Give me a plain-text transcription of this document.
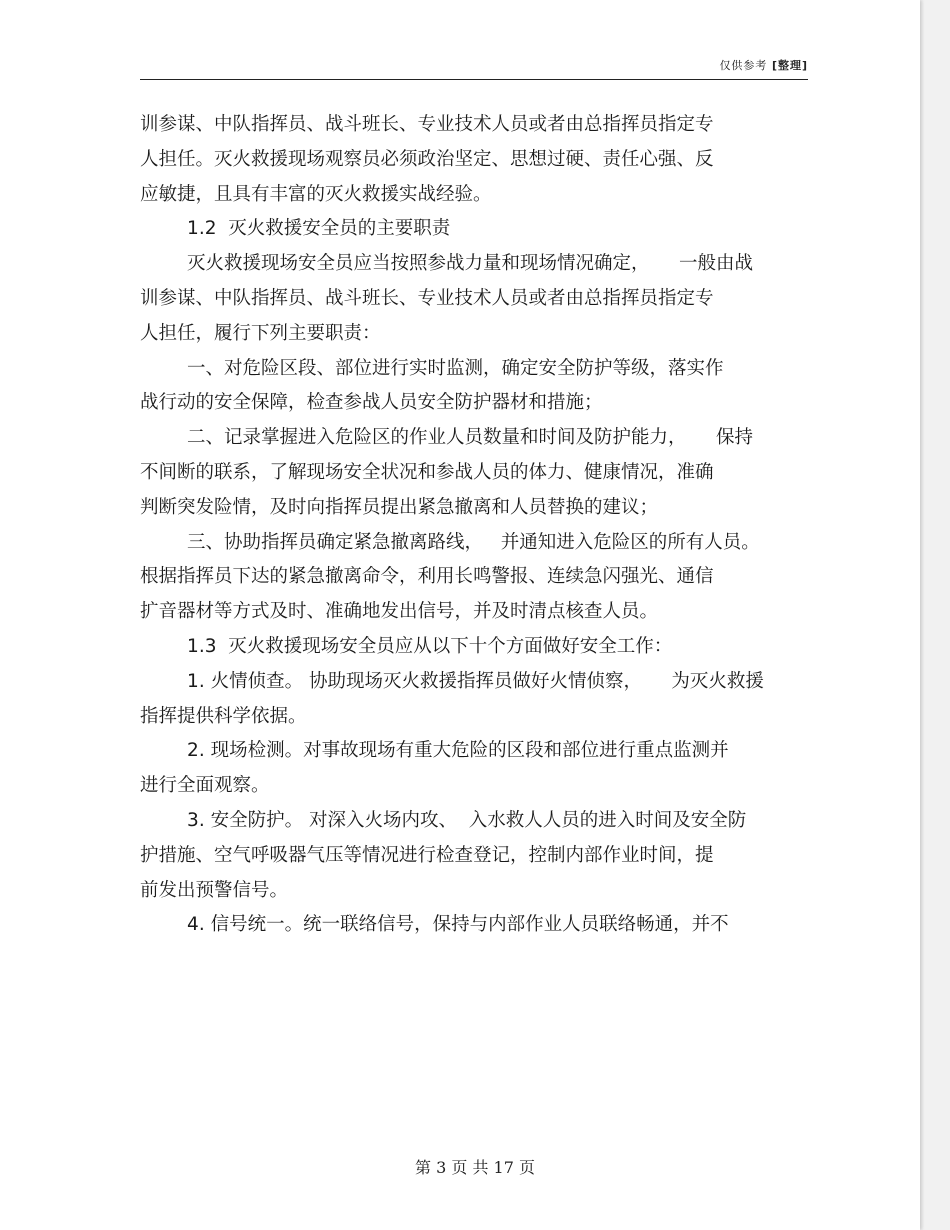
仅供参考 [整理]
训参谋、中队指挥员、战斗班长、专业技术人员或者由总指挥员指定专
人担任。灭火救援现场观察员必须政治坚定、思想过硬、责任心强、反
应敏捷，且具有丰富的灭火救援实战经验。
1.2  灭火救援安全员的主要职责
灭火救援现场安全员应当按照参战力量和现场情况确定，     一般由战
训参谋、中队指挥员、战斗班长、专业技术人员或者由总指挥员指定专
人担任，履行下列主要职责：
一、对危险区段、部位进行实时监测，确定安全防护等级，落实作
战行动的安全保障，检查参战人员安全防护器材和措施；
二、记录掌握进入危险区的作业人员数量和时间及防护能力，     保持
不间断的联系，了解现场安全状况和参战人员的体力、健康情况，准确
判断突发险情，及时向指挥员提出紧急撤离和人员替换的建议；
三、协助指挥员确定紧急撤离路线，   并通知进入危险区的所有人员。
根据指挥员下达的紧急撤离命令，利用长鸣警报、连续急闪强光、通信
扩音器材等方式及时、准确地发出信号，并及时清点核查人员。
1.3  灭火救援现场安全员应从以下十个方面做好安全工作：
1. 火情侦查。 协助现场灭火救援指挥员做好火情侦察，     为灭火救援
指挥提供科学依据。
2. 现场检测。对事故现场有重大危险的区段和部位进行重点监测并
进行全面观察。
3. 安全防护。 对深入火场内攻、  入水救人人员的进入时间及安全防
护措施、空气呼吸器气压等情况进行检查登记，控制内部作业时间，提
前发出预警信号。
4. 信号统一。统一联络信号，保持与内部作业人员联络畅通，并不
第 3 页 共 17 页
